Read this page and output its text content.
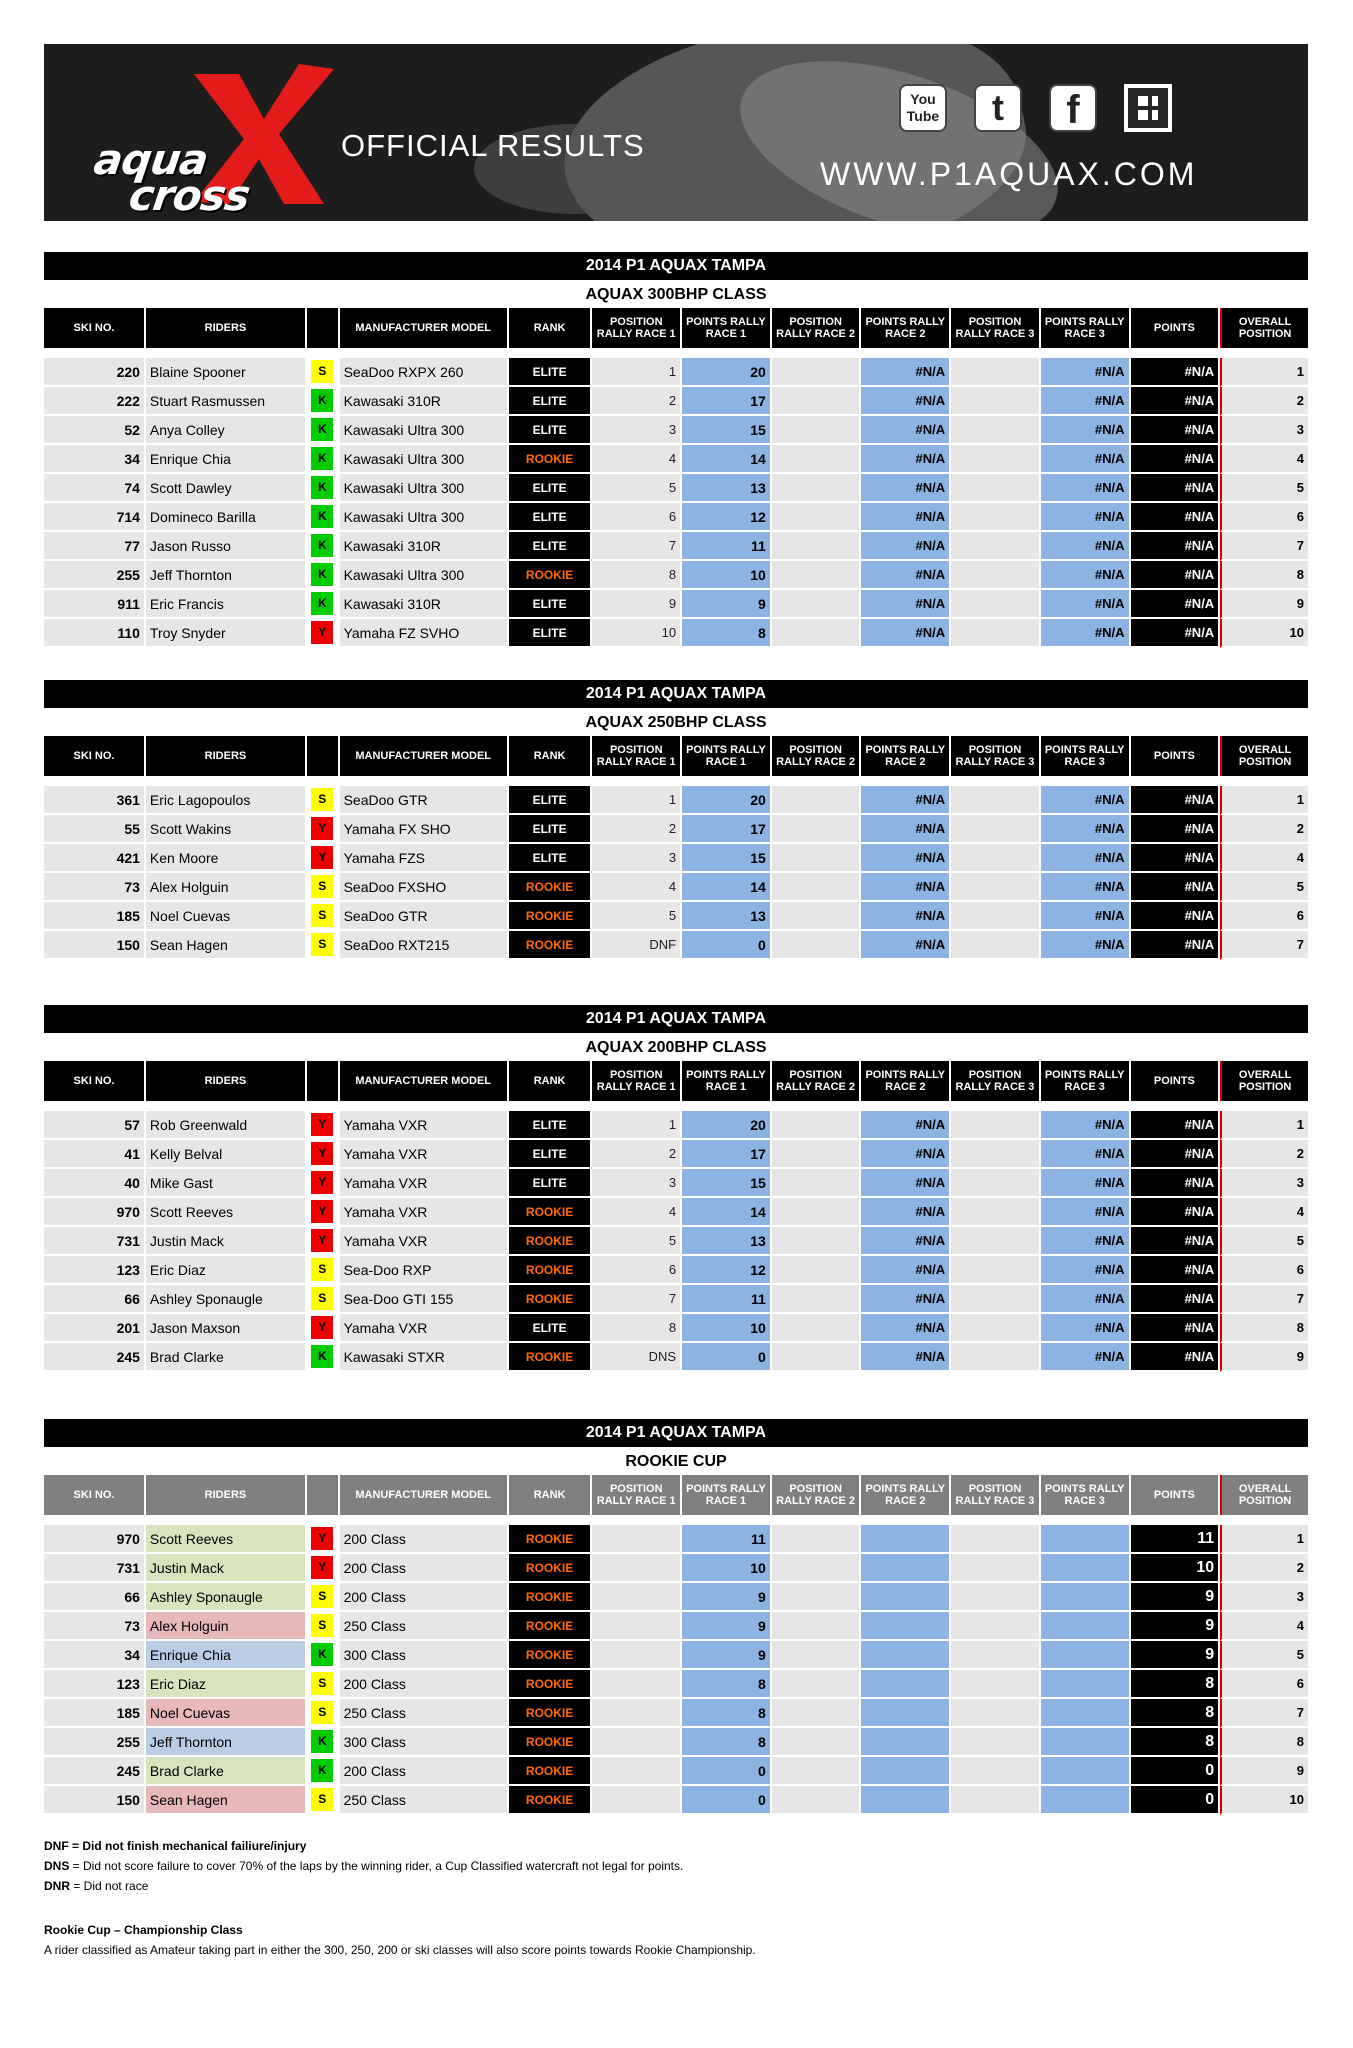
aqua
cross
OFFICIAL RESULTS
WWW.P1AQUAX.COM
You Tube	t	f
2014 P1 AQUAX TAMPA
AQUAX 300BHP CLASS
SKI NO.	RIDERS		MANUFACTURER MODEL	RANK	POSITION RALLY RACE 1	POINTS RALLY RACE 1	POSITION RALLY RACE 2	POINTS RALLY RACE 2	POSITION RALLY RACE 3	POINTS RALLY RACE 3	POINTS	OVERALL POSITION

220	Blaine Spooner	S	SeaDoo RXPX 260	ELITE	1	20		#N/A		#N/A	#N/A	1
222	Stuart Rasmussen	K	Kawasaki 310R	ELITE	2	17		#N/A		#N/A	#N/A	2
52	Anya Colley	K	Kawasaki Ultra 300	ELITE	3	15		#N/A		#N/A	#N/A	3
34	Enrique Chia	K	Kawasaki Ultra 300	ROOKIE	4	14		#N/A		#N/A	#N/A	4
74	Scott Dawley	K	Kawasaki Ultra 300	ELITE	5	13		#N/A		#N/A	#N/A	5
714	Domineco Barilla	K	Kawasaki Ultra 300	ELITE	6	12		#N/A		#N/A	#N/A	6
77	Jason Russo	K	Kawasaki 310R	ELITE	7	11		#N/A		#N/A	#N/A	7
255	Jeff Thornton	K	Kawasaki Ultra 300	ROOKIE	8	10		#N/A		#N/A	#N/A	8
911	Eric Francis	K	Kawasaki 310R	ELITE	9	9		#N/A		#N/A	#N/A	9
110	Troy Snyder	Y	Yamaha FZ SVHO	ELITE	10	8		#N/A		#N/A	#N/A	10
2014 P1 AQUAX TAMPA
AQUAX 250BHP CLASS
SKI NO.	RIDERS		MANUFACTURER MODEL	RANK	POSITION RALLY RACE 1	POINTS RALLY RACE 1	POSITION RALLY RACE 2	POINTS RALLY RACE 2	POSITION RALLY RACE 3	POINTS RALLY RACE 3	POINTS	OVERALL POSITION

361	Eric Lagopoulos	S	SeaDoo GTR	ELITE	1	20		#N/A		#N/A	#N/A	1
55	Scott Wakins	Y	Yamaha FX SHO	ELITE	2	17		#N/A		#N/A	#N/A	2
421	Ken Moore	Y	Yamaha FZS	ELITE	3	15		#N/A		#N/A	#N/A	4
73	Alex Holguin	S	SeaDoo FXSHO	ROOKIE	4	14		#N/A		#N/A	#N/A	5
185	Noel Cuevas	S	SeaDoo GTR	ROOKIE	5	13		#N/A		#N/A	#N/A	6
150	Sean Hagen	S	SeaDoo RXT215	ROOKIE	DNF	0		#N/A		#N/A	#N/A	7
2014 P1 AQUAX TAMPA
AQUAX 200BHP CLASS
SKI NO.	RIDERS		MANUFACTURER MODEL	RANK	POSITION RALLY RACE 1	POINTS RALLY RACE 1	POSITION RALLY RACE 2	POINTS RALLY RACE 2	POSITION RALLY RACE 3	POINTS RALLY RACE 3	POINTS	OVERALL POSITION

57	Rob Greenwald	Y	Yamaha VXR	ELITE	1	20		#N/A		#N/A	#N/A	1
41	Kelly Belval	Y	Yamaha VXR	ELITE	2	17		#N/A		#N/A	#N/A	2
40	Mike Gast	Y	Yamaha VXR	ELITE	3	15		#N/A		#N/A	#N/A	3
970	Scott Reeves	Y	Yamaha VXR	ROOKIE	4	14		#N/A		#N/A	#N/A	4
731	Justin Mack	Y	Yamaha VXR	ROOKIE	5	13		#N/A		#N/A	#N/A	5
123	Eric Diaz	S	Sea-Doo RXP	ROOKIE	6	12		#N/A		#N/A	#N/A	6
66	Ashley Sponaugle	S	Sea-Doo GTI 155	ROOKIE	7	11		#N/A		#N/A	#N/A	7
201	Jason Maxson	Y	Yamaha VXR	ELITE	8	10		#N/A		#N/A	#N/A	8
245	Brad Clarke	K	Kawasaki STXR	ROOKIE	DNS	0		#N/A		#N/A	#N/A	9
2014 P1 AQUAX TAMPA
ROOKIE CUP
SKI NO.	RIDERS		MANUFACTURER MODEL	RANK	POSITION RALLY RACE 1	POINTS RALLY RACE 1	POSITION RALLY RACE 2	POINTS RALLY RACE 2	POSITION RALLY RACE 3	POINTS RALLY RACE 3	POINTS	OVERALL POSITION

970	Scott Reeves	Y	200 Class	ROOKIE		11					11	1
731	Justin Mack	Y	200 Class	ROOKIE		10					10	2
66	Ashley Sponaugle	S	200 Class	ROOKIE		9					9	3
73	Alex Holguin	S	250 Class	ROOKIE		9					9	4
34	Enrique Chia	K	300 Class	ROOKIE		9					9	5
123	Eric Diaz	S	200 Class	ROOKIE		8					8	6
185	Noel Cuevas	S	250 Class	ROOKIE		8					8	7
255	Jeff Thornton	K	300 Class	ROOKIE		8					8	8
245	Brad Clarke	K	200 Class	ROOKIE		0					0	9
150	Sean Hagen	S	250 Class	ROOKIE		0					0	10
DNF = Did not finish mechanical failiure/injury
DNS = Did not score failure to cover 70% of the laps by the winning rider, a Cup Classified watercraft not legal for points.
DNR = Did not race
Rookie Cup – Championship Class
A rider classified as Amateur taking part in either the 300, 250, 200 or ski classes will also score points towards Rookie Championship.
